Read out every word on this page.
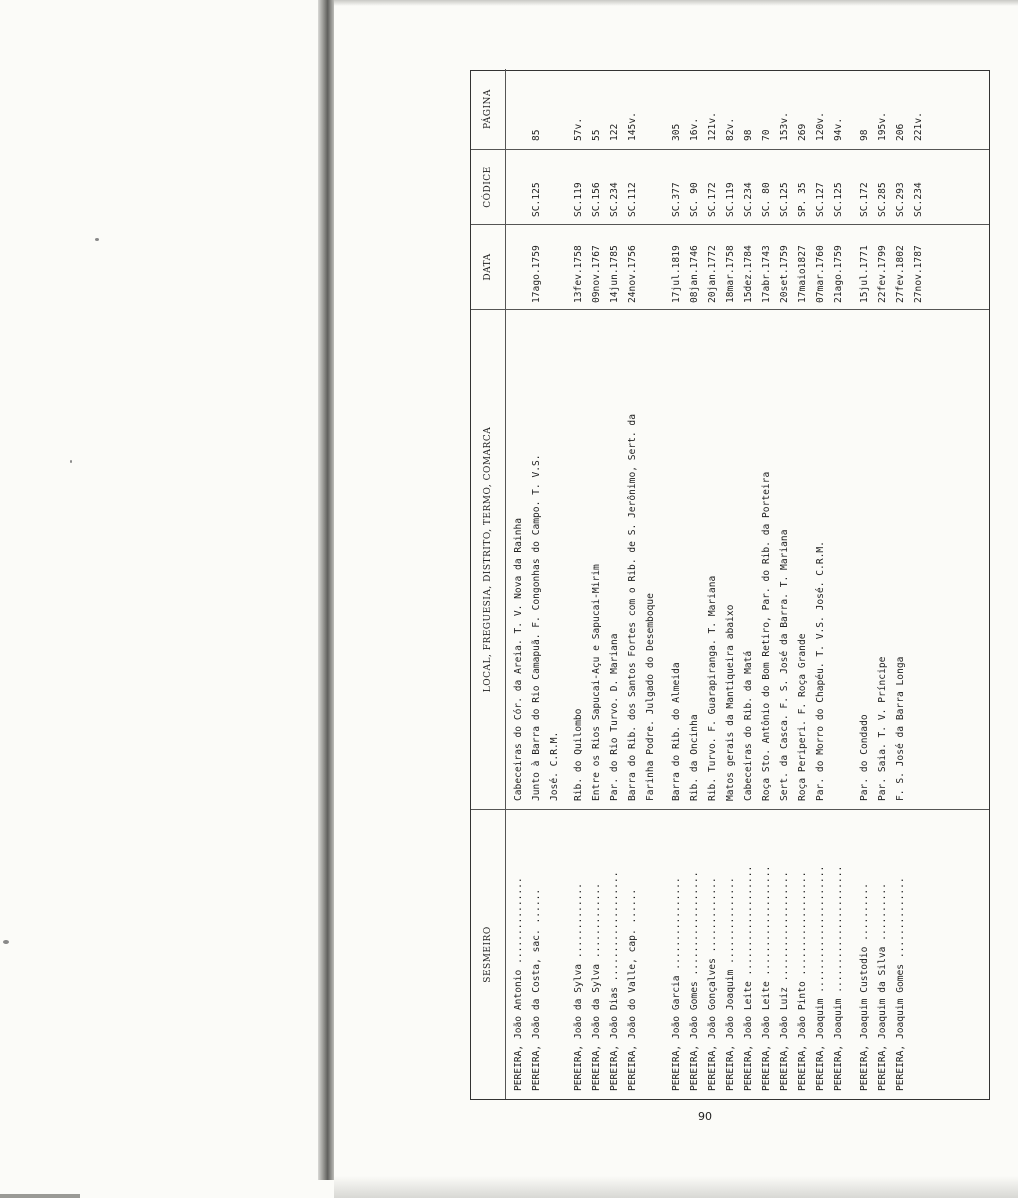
90
SESMEIRO
LOCAL, FREGUESIA, DISTRITO, TERMO, COMARCA
DATA
CÓDICE
PÁGINA
PEREIRA, João Antonio ...............
Cabeceiras do Cór. da Areia. T. V. Nova da Rainha
PEREIRA, João da Costa, sac. ......
Junto à Barra do Rio Camapuã. F. Congonhas do Campo. T. V.S.
17ago.1759
SC.125
85
José. C.R.M.
PEREIRA, João da Sylva .............
Rib. do Quilombo
13fev.1758
SC.119
57v.
PEREIRA, João da Sylva .............
Entre os Rios Sapucai-Açu e Sapucai-Mirim
09nov.1767
SC.156
55
PEREIRA, João Dias ...................
Par. do Rio Turvo. D. Mariana
14jun.1785
SC.234
122
PEREIRA, João do Valle, cap. ......
Barra do Rib. dos Santos Fortes com o Rib. de S. Jerônimo, Sert. da
24nov.1756
SC.112
145v.
Farinha Podre. Julgado do Desemboque
PEREIRA, João Garcia ................
Barra do Rib. do Almeida
17jul.1819
SC.377
305
PEREIRA, João Gomes ..................
Rib. da Oncinha
08jan.1746
SC. 90
16v.
PEREIRA, João Gonçalves .............
Rib. Turvo. F. Guarapiranga. T. Mariana
20jan.1772
SC.172
121v.
PEREIRA, João Joaquim ...............
Matos gerais da Mantiqueira abaixo
18mar.1758
SC.119
82v.
PEREIRA, João Leite ...................
Cabeceiras do Rib. da Matá
15dez.1784
SC.234
98
PEREIRA, João Leite ...................
Roça Sto. Antônio do Bom Retiro, Par. do Rib. da Porteira
17abr.1743
SC. 80
70
PEREIRA, João Luiz ...................
Sert. da Casca. F. S. José da Barra. T. Mariana
20set.1759
SC.125
153v.
PEREIRA, João Pinto ..................
Roça Periperi. F. Roça Grande
17maio1827
SP. 35
269
PEREIRA, Joaquim ......................
Par. do Morro do Chapéu. T. V.S. José. C.R.M.
07mar.1760
SC.127
120v.
PEREIRA, Joaquim ......................
21ago.1759
SC.125
94v.
PEREIRA, Joaquim Custodio ..........
Par. do Condado
15jul.1771
SC.172
98
PEREIRA, Joaquim da Silva ..........
Par. Saia. T. V. Príncipe
22fev.1799
SC.285
195v.
PEREIRA, Joaquim Gomes ..............
F. S. José da Barra Longa
27fev.1802
SC.293
206
27nov.1787
SC.234
221v.
